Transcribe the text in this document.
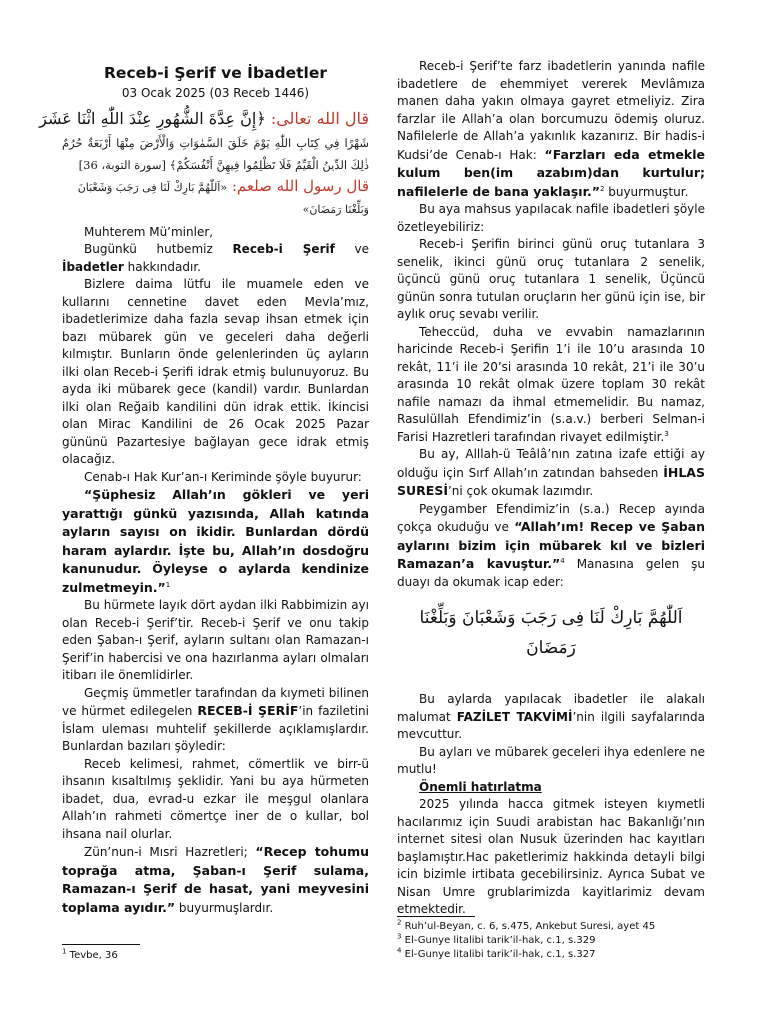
Receb-i Şerif ve İbadetler
03 Ocak 2025 (03 Receb 1446)
قال الله تعالى: ﴿إِنَّ عِدَّةَ الشُّهُورِ عِنْدَ اللّٰهِ اثْنَا عَشَرَ
شَهْرًا فِي كِتَابِ اللّٰهِ يَوْمَ خَلَقَ السَّمٰوَاتِ وَالْأَرْضَ مِنْهَا أَرْبَعَةٌ حُرُمٌ ذٰلِكَ الدِّينُ الْقَيِّمُ فَلَا تَظْلِمُوا فِيهِنَّ أَنْفُسَكُمْ﴾ [سورة التوبة، 36]
قال رسول الله صلعم: «اَللّٰهُمَّ بَارِكْ لَنَا فِى رَجَبَ وَشَعْبَانَ وَبَلِّغْنَا رَمَضَانَ»

Muhterem Mü’minler,

Bugünkü hutbemiz Receb-i Şerif ve İbadetler hakkındadır.

Bizlere daima lütfu ile muamele eden ve kullarını cennetine davet eden Mevla’mız, ibadetlerimize daha fazla sevap ihsan etmek için bazı mübarek gün ve geceleri daha değerli kılmıştır. Bunların önde gelenlerinden üç ayların ilki olan Receb-i Şerifi idrak etmiş bulunuyoruz. Bu ayda iki mübarek gece (kandil) vardır. Bunlardan ilki olan Reğaib kandilini dün idrak ettik. İkincisi olan Mirac Kandilini de 26 Ocak 2025 Pazar gününü Pazartesiye bağlayan gece idrak etmiş olacağız.

Cenab-ı Hak Kur’an-ı Keriminde şöyle buyurur:

“Şüphesiz Allah’ın gökleri ve yeri yarattığı günkü yazısında, Allah katında ayların sayısı on ikidir. Bunlardan dördü haram aylardır. İşte bu, Allah’ın dosdoğru kanunudur. Öyleyse o aylarda kendinize zulmetmeyin.”$^1$

Bu hürmete layık dört aydan ilki Rabbimizin ayı olan Receb-i Şerif’tir. Receb-i Şerif ve onu takip eden Şaban-ı Şerif, ayların sultanı olan Ramazan-ı Şerif’in habercisi ve ona hazırlanma ayları olmaları itibarı ile önemlidirler.

Geçmiş ümmetler tarafından da kıymeti bilinen ve hürmet edilegelen RECEB-İ ŞERİF’in faziletini İslam uleması muhtelif şekillerde açıklamışlardır. Bunlardan bazıları şöyledir:

Receb kelimesi, rahmet, cömertlik ve birr-ü ihsanın kısaltılmış şeklidir. Yani bu aya hürmeten ibadet, dua, evrad-u ezkar ile meşgul olanlara Allah’ın rahmeti cömertçe iner de o kullar, bol ihsana nail olurlar.

Zün’nun-i Mısri Hazretleri; “Recep tohumu toprağa atma, Şaban-ı Şerif sulama, Ramazan-ı Şerif de hasat, yani meyvesini toplama ayıdır.” buyurmuşlardır.

Receb-i Şerif’te farz ibadetlerin yanında nafile ibadetlere de ehemmiyet vererek Mevlâmıza manen daha yakın olmaya gayret etmeliyiz. Zira farzlar ile Allah’a olan borcumuzu ödemiş oluruz. Nafilelerle de Allah’a yakınlık kazanırız. Bir hadis-i Kudsi’de Cenab-ı Hak: “Farzları eda etmekle kulum ben(im azabım)dan kurtulur; nafilelerle de bana yaklaşır.”$^2$ buyurmuştur.

Bu aya mahsus yapılacak nafile ibadetleri şöyle özetleyebiliriz:

Receb-i Şerifin birinci günü oruç tutanlara 3 senelik, ikinci günü oruç tutanlara 2 senelik, üçüncü günü oruç tutanlara 1 senelik, Üçüncü günün sonra tutulan oruçların her günü için ise, bir aylık oruç sevabı verilir.

Teheccüd, duha ve evvabin namazlarının haricinde Receb-i Şerifin 1’i ile 10’u arasında 10 rekât, 11’i ile 20’si arasında 10 rekât, 21’i ile 30’u arasında 10 rekât olmak üzere toplam 30 rekât nafile namazı da ihmal etmemelidir. Bu namaz, Rasulüllah Efendimiz’in (s.a.v.) berberi Selman-i Farisi Hazretleri tarafından rivayet edilmiştir.$^3$

Bu ay, Alllah-ü Teâlâ’nın zatına izafe ettiği ay olduğu için Sırf Allah’ın zatından bahseden İHLAS SURESİ’ni çok okumak lazımdır.

Peygamber Efendimiz’in (s.a.) Recep ayında çokça okuduğu ve “Allah’ım! Recep ve Şaban aylarını bizim için mübarek kıl ve bizleri Ramazan’a kavuştur.”$^4$ Manasına gelen şu duayı da okumak icap eder:

اَللّٰهُمَّ بَارِكْ لَنَا فِى رَجَبَ وَشَعْبَانَ وَبَلِّغْنَا رَمَضَانَ

Bu aylarda yapılacak ibadetler ile alakalı malumat FAZİLET TAKVİMİ’nin ilgili sayfalarında mevcuttur.

Bu ayları ve mübarek geceleri ihya edenlere ne mutlu!

Önemli hatırlatma

2025 yılında hacca gitmek isteyen kıymetli hacılarımız için Suudi arabistan hac Bakanlığı’nın internet sitesi olan Nusuk üzerinden hac kayıtları başlamıştır.Hac paketlerimiz hakkinda detayli bilgi icin bizimle irtibata gecebilirsiniz. Ayrıca Subat ve Nisan Umre grublarimizda kayitlarimiz devam etmektedir.

$^1$ Tevbe, 36
$^2$ Ruh’ul-Beyan, c. 6, s.475, Ankebut Suresi, ayet 45
$^3$ El-Gunye litalibi tarik’il-hak, c.1, s.329
$^4$ El-Gunye litalibi tarik’il-hak, c.1, s.327
